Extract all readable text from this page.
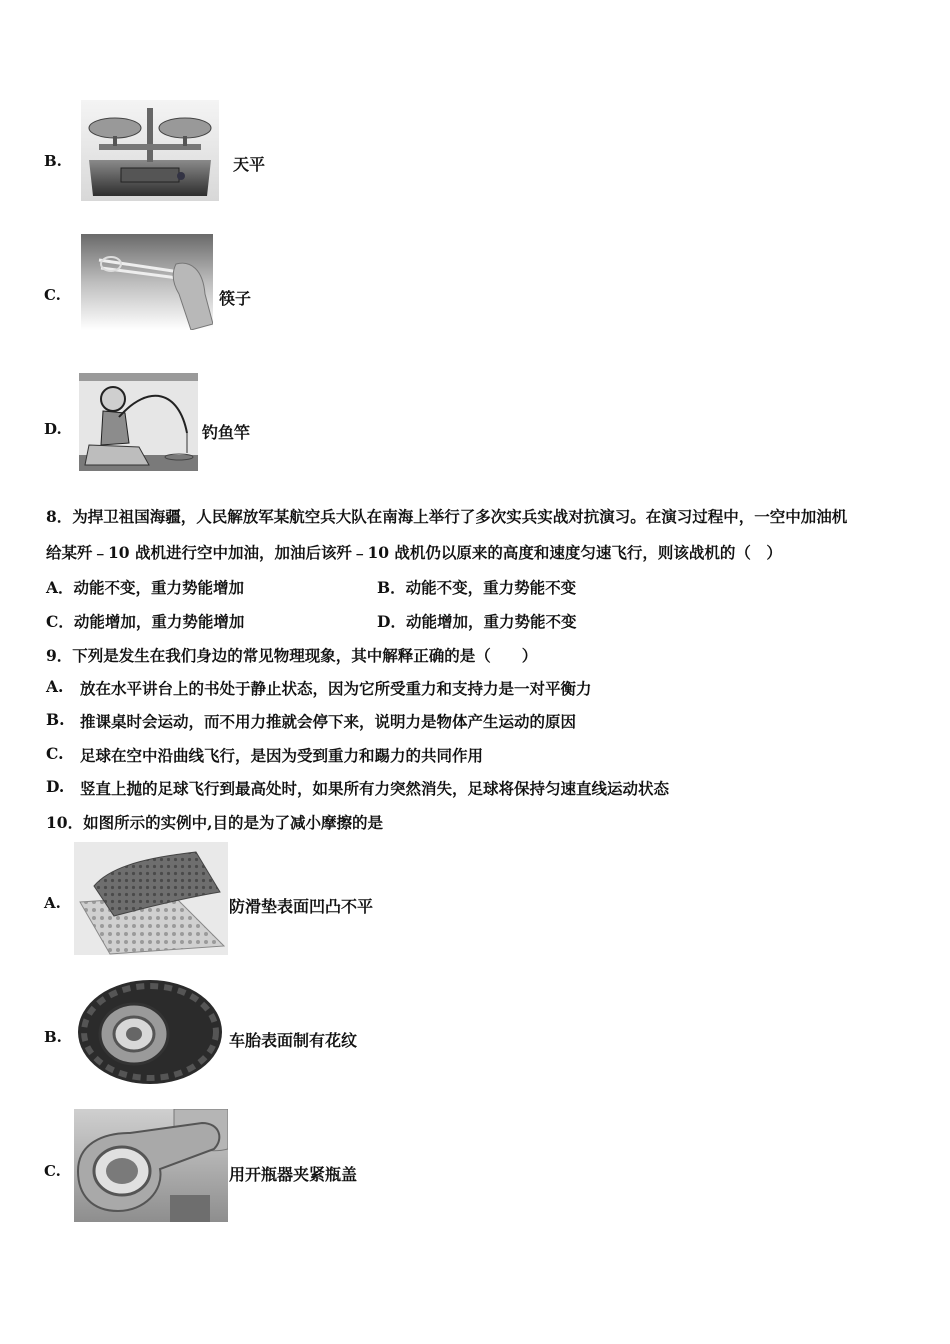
B.	天平
C.	筷子
D.	钓鱼竿
8．为捍卫祖国海疆，人民解放军某航空兵大队在南海上举行了多次实兵实战对抗演习。在演习过程中，一空中加油机
给某歼﹣10 战机进行空中加油，加油后该歼﹣10 战机仍以原来的高度和速度匀速飞行，则该战机的（　）
A．动能不变，重力势能增加	B．动能不变，重力势能不变
C．动能增加，重力势能增加	D．动能增加，重力势能不变
9．下列是发生在我们身边的常见物理现象，其中解释正确的是（　　）
A. 放在水平讲台上的书处于静止状态，因为它所受重力和支持力是一对平衡力
B. 推课桌时会运动，而不用力推就会停下来，说明力是物体产生运动的原因
C. 足球在空中沿曲线飞行，是因为受到重力和踢力的共同作用
D. 竖直上抛的足球飞行到最高处时，如果所有力突然消失，足球将保持匀速直线运动状态
10．如图所示的实例中,目的是为了减小摩擦的是
A.	防滑垫表面凹凸不平
B.	车胎表面制有花纹
C.	用开瓶器夹紧瓶盖
